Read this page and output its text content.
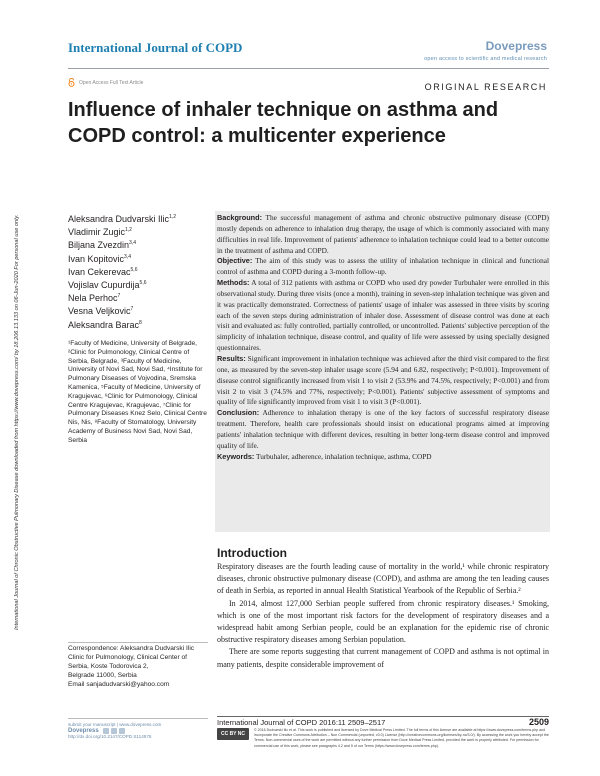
International Journal of COPD	Dovepress
open access to scientific and medical research
Open Access Full Text Article	ORIGINAL RESEARCH
Influence of inhaler technique on asthma and COPD control: a multicenter experience
International Journal of Chronic Obstructive Pulmonary Disease downloaded from https://www.dovepress.com/ by 18.206.13.133 on 06-Jun-2020 For personal use only.	Aleksandra Dudvarski Ilic$^{1,2}$
Vladimir Zugic$^{1,2}$
Biljana Zvezdin$^{3,4}$
Ivan Kopitovic$^{3,4}$
Ivan Cekerevac$^{5,6}$
Vojislav Cupurdija$^{5,6}$
Nela Perhoc$^7$
Vesna Veljkovic$^7$
Aleksandra Barac$^8$
¹Faculty of Medicine, University of Belgrade, ²Clinic for Pulmonology, Clinical Centre of Serbia, Belgrade, ³Faculty of Medicine, University of Novi Sad, Novi Sad, ⁴Institute for Pulmonary Diseases of Vojvodina, Sremska Kamenica, ⁵Faculty of Medicine, University of Kragujevac, ⁶Clinic for Pulmonology, Clinical Centre Kragujevac, Kragujevac, ⁷Clinic for Pulmonary Diseases Knez Selo, Clinical Centre Nis, Nis, ⁸Faculty of Stomatology, University Academy of Business Novi Sad, Novi Sad, Serbia
Correspondence: Aleksandra Dudvarski Ilic
Clinic for Pulmonology, Clinical Center of Serbia, Koste Todorovica 2,
Belgrade 11000, Serbia
Email sanjadudvarski@yahoo.com

Background: The successful management of asthma and chronic obstructive pulmonary disease (COPD) mostly depends on adherence to inhalation drug therapy, the usage of which is commonly associated with many difficulties in real life. Improvement of patients' adherence to inhalation technique could lead to a better outcome in the treatment of asthma and COPD.

Objective: The aim of this study was to assess the utility of inhalation technique in clinical and functional control of asthma and COPD during a 3-month follow-up.

Methods: A total of 312 patients with asthma or COPD who used dry powder Turbuhaler were enrolled in this observational study. During three visits (once a month), training in seven-step inhalation technique was given and it was practically demonstrated. Correctness of patients' usage of inhaler was assessed in three visits by scoring each of the seven steps during administration of inhaler dose. Assessment of disease control was done at each visit and evaluated as: fully controlled, partially controlled, or uncontrolled. Patients' subjective perception of the simplicity of inhalation technique, disease control, and quality of life were assessed by using specially designed questionnaires.

Results: Significant improvement in inhalation technique was achieved after the third visit compared to the first one, as measured by the seven-step inhaler usage score (5.94 and 6.82, respectively; P<0.001). Improvement of disease control significantly increased from visit 1 to visit 2 (53.9% and 74.5%, respectively; P<0.001) and from visit 2 to visit 3 (74.5% and 77%, respectively; P<0.001). Patients' subjective assessment of symptoms and quality of life significantly improved from visit 1 to visit 3 (P<0.001).

Conclusion: Adherence to inhalation therapy is one of the key factors of successful respiratory disease treatment. Therefore, health care professionals should insist on educational programs aimed at improving patients' inhalation technique with different devices, resulting in better long-term disease control and improved quality of life.

Keywords: Turbuhaler, adherence, inhalation technique, asthma, COPD

Introduction

Respiratory diseases are the fourth leading cause of mortality in the world,¹ while chronic respiratory diseases, chronic obstructive pulmonary disease (COPD), and asthma are among the ten leading causes of death in Serbia, as reported in annual Health Statistical Yearbook of the Republic of Serbia.²

In 2014, almost 127,000 Serbian people suffered from chronic respiratory diseases.¹ Smoking, which is one of the most important risk factors for the development of respiratory diseases and a widespread habit among Serbian people, could be an explanation for the epidemic rise of chronic obstructive respiratory diseases among Serbian population.

There are some reports suggesting that current management of COPD and asthma is not optimal in many patients, despite considerable improvement of

International Journal of COPD 2016:11 2509–2517	2509
CC BY NC
© 2016 Dudvarski Ilic et al. This work is published and licensed by Dove Medical Press Limited. The full terms of this license are available at https://www.dovepress.com/terms.php and incorporate the Creative Commons Attribution – Non Commercial (unported, v3.0) License (http://creativecommons.org/licenses/by-nc/3.0/). By accessing the work you hereby accept the Terms. Non-commercial uses of the work are permitted without any further permission from Dove Medical Press Limited, provided the work is properly attributed. For permission for commercial use of this work, please see paragraphs 4.2 and 5 of our Terms (https://www.dovepress.com/terms.php).
submit your manuscript | www.dovepress.com
Dovepress
http://dx.doi.org/10.2147/COPD.S114576
